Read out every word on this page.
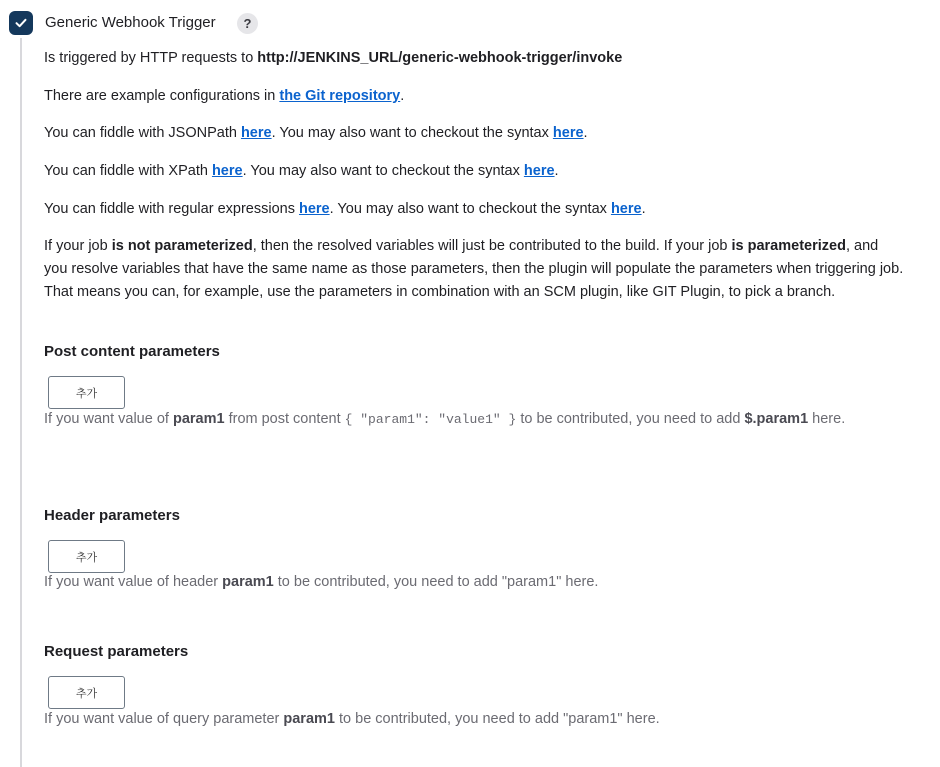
Generic Webhook Trigger	?
Is triggered by HTTP requests to http://JENKINS_URL/generic-webhook-trigger/invoke
There are example configurations in the Git repository.
You can fiddle with JSONPath here. You may also want to checkout the syntax here.
You can fiddle with XPath here. You may also want to checkout the syntax here.
You can fiddle with regular expressions here. You may also want to checkout the syntax here.
If your job is not parameterized, then the resolved variables will just be contributed to the build. If your job is parameterized, and you resolve variables that have the same name as those parameters, then the plugin will populate the parameters when triggering job. That means you can, for example, use the parameters in combination with an SCM plugin, like GIT Plugin, to pick a branch.
Post content parameters
추가
If you want value of param1 from post content { "param1": "value1" } to be contributed, you need to add $.param1 here.
Header parameters
추가
If you want value of header param1 to be contributed, you need to add "param1" here.
Request parameters
추가
If you want value of query parameter param1 to be contributed, you need to add "param1" here.
